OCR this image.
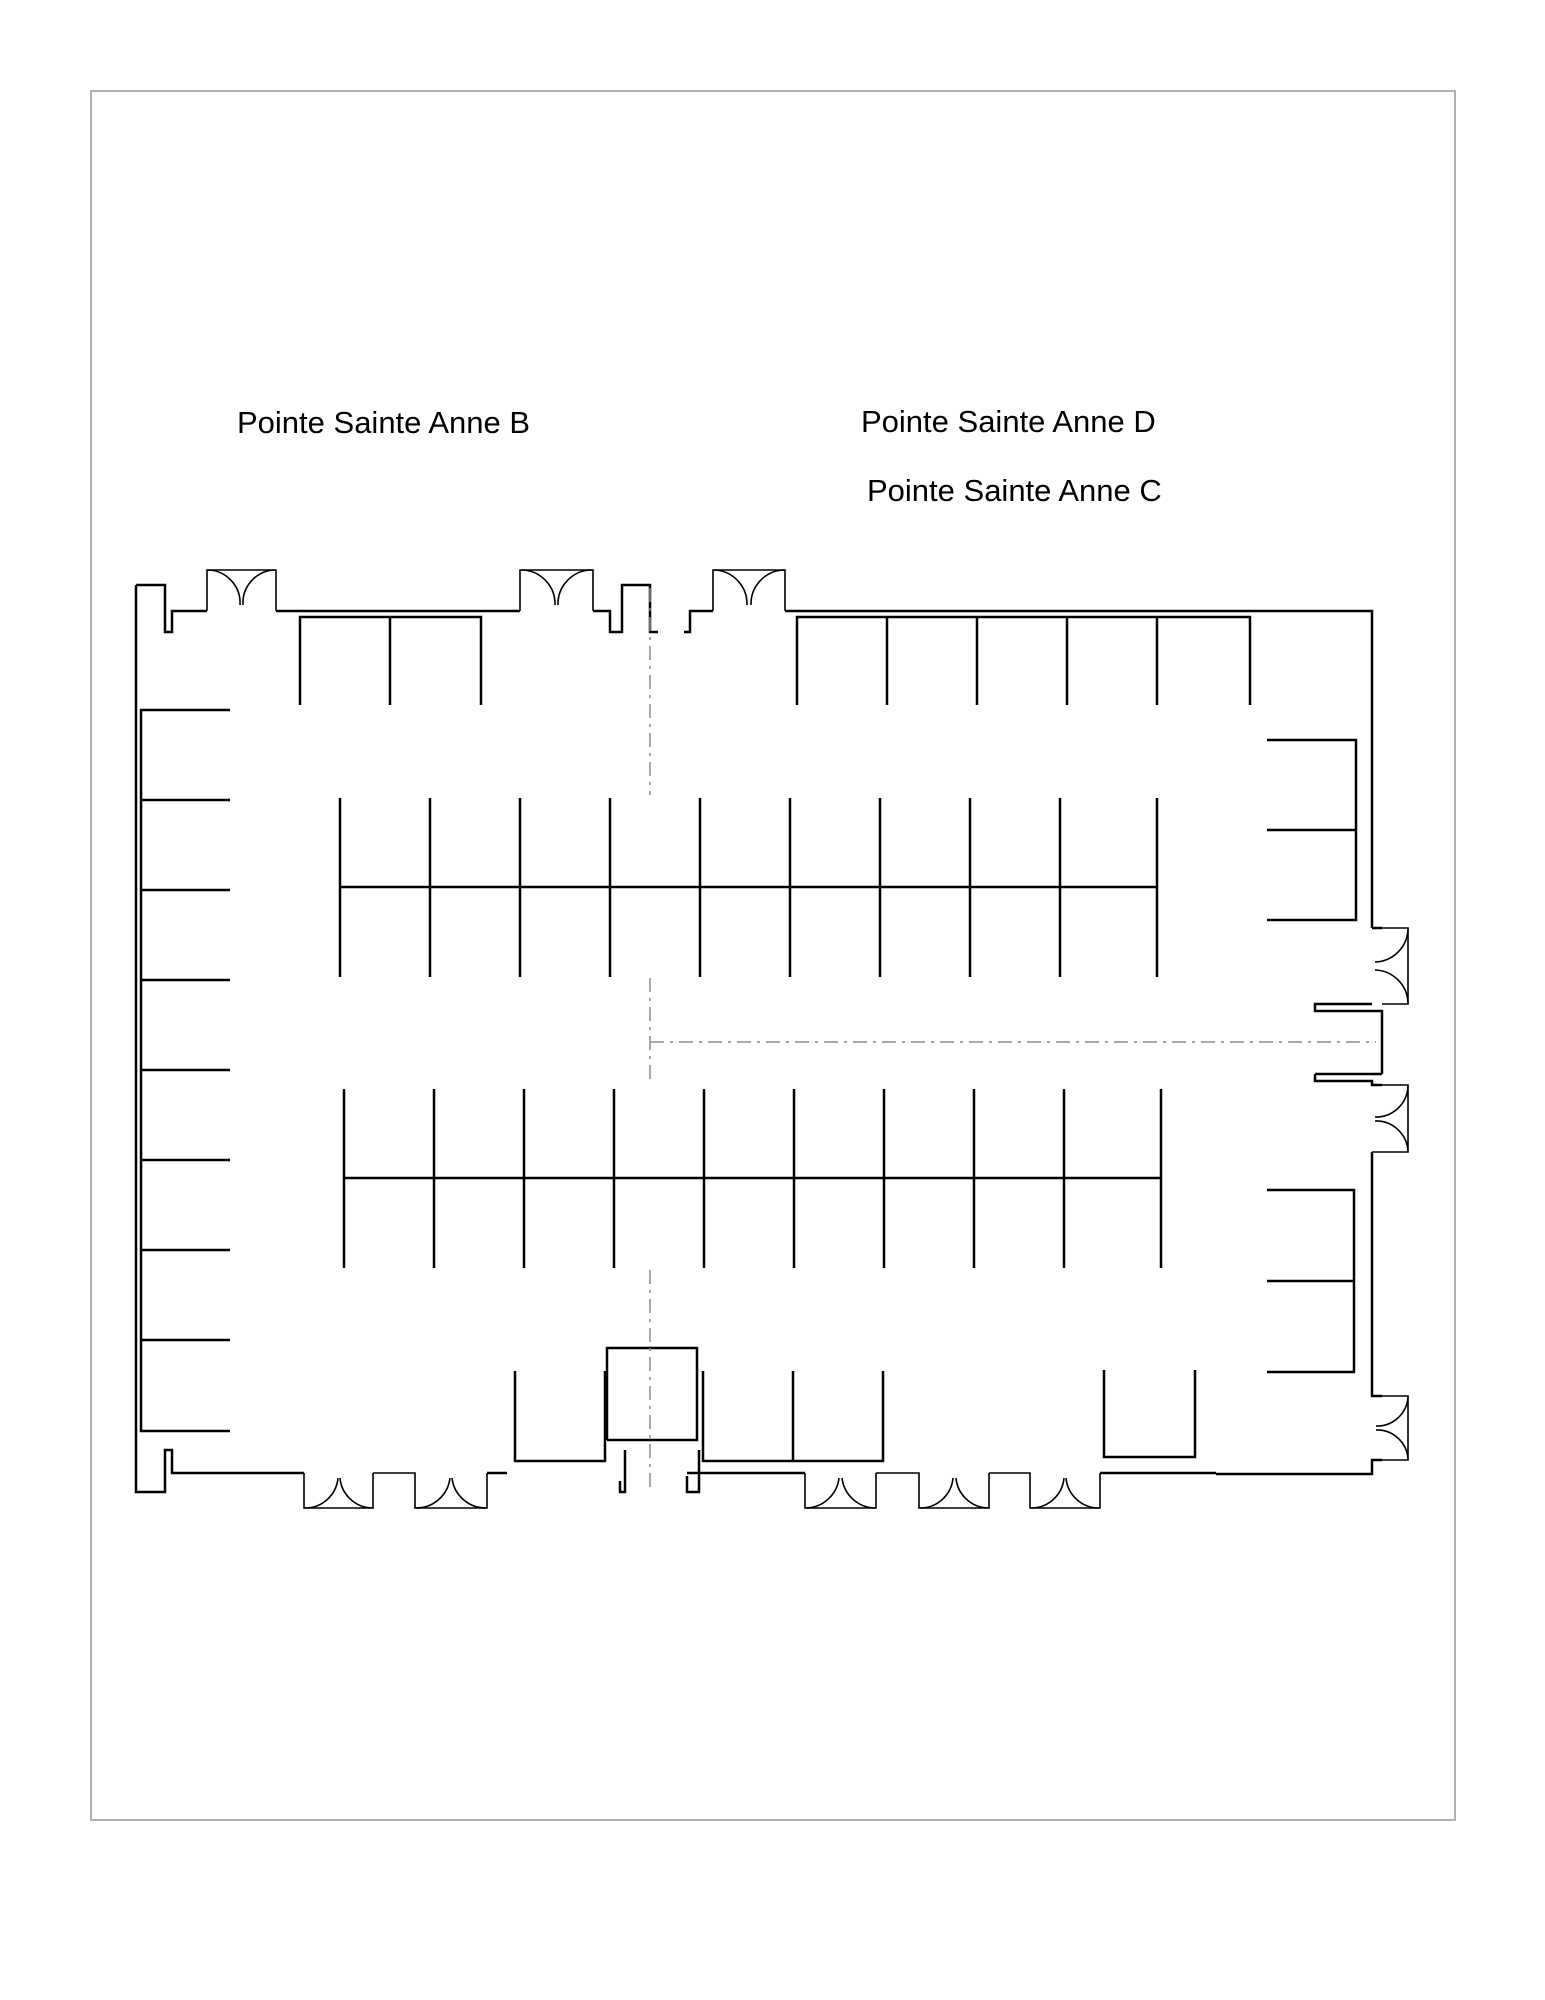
Pointe Sainte Anne B	Pointe Sainte Anne D
Pointe Sainte Anne C
